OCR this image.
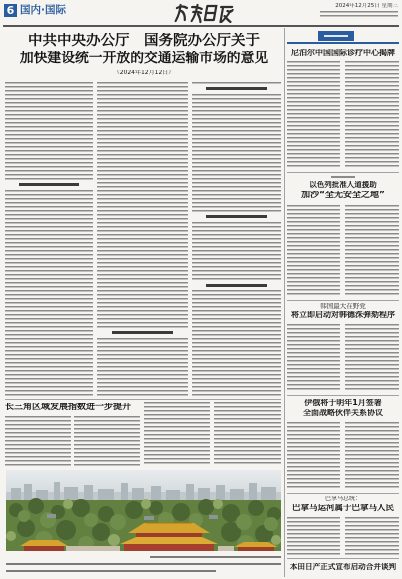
6 国内·国际	2024年12月25日 星期三
中共中央办公厅　国务院办公厅关于
加快建设统一开放的交通运输市场的意见
（2024年12月12日）
长三角区域发展指数进一步提升
尼泊尔中国国际诊疗中心揭牌
以色列批准人道援助
加沙“全无安全之地”
韩国最大在野党
将立即启动对韩德洙弹劾程序
伊俄将于明年1月签署
全面战略伙伴关系协议
巴拿马总统：
巴拿马运河属于巴拿马人民
本田日产正式宣布启动合并谈判
